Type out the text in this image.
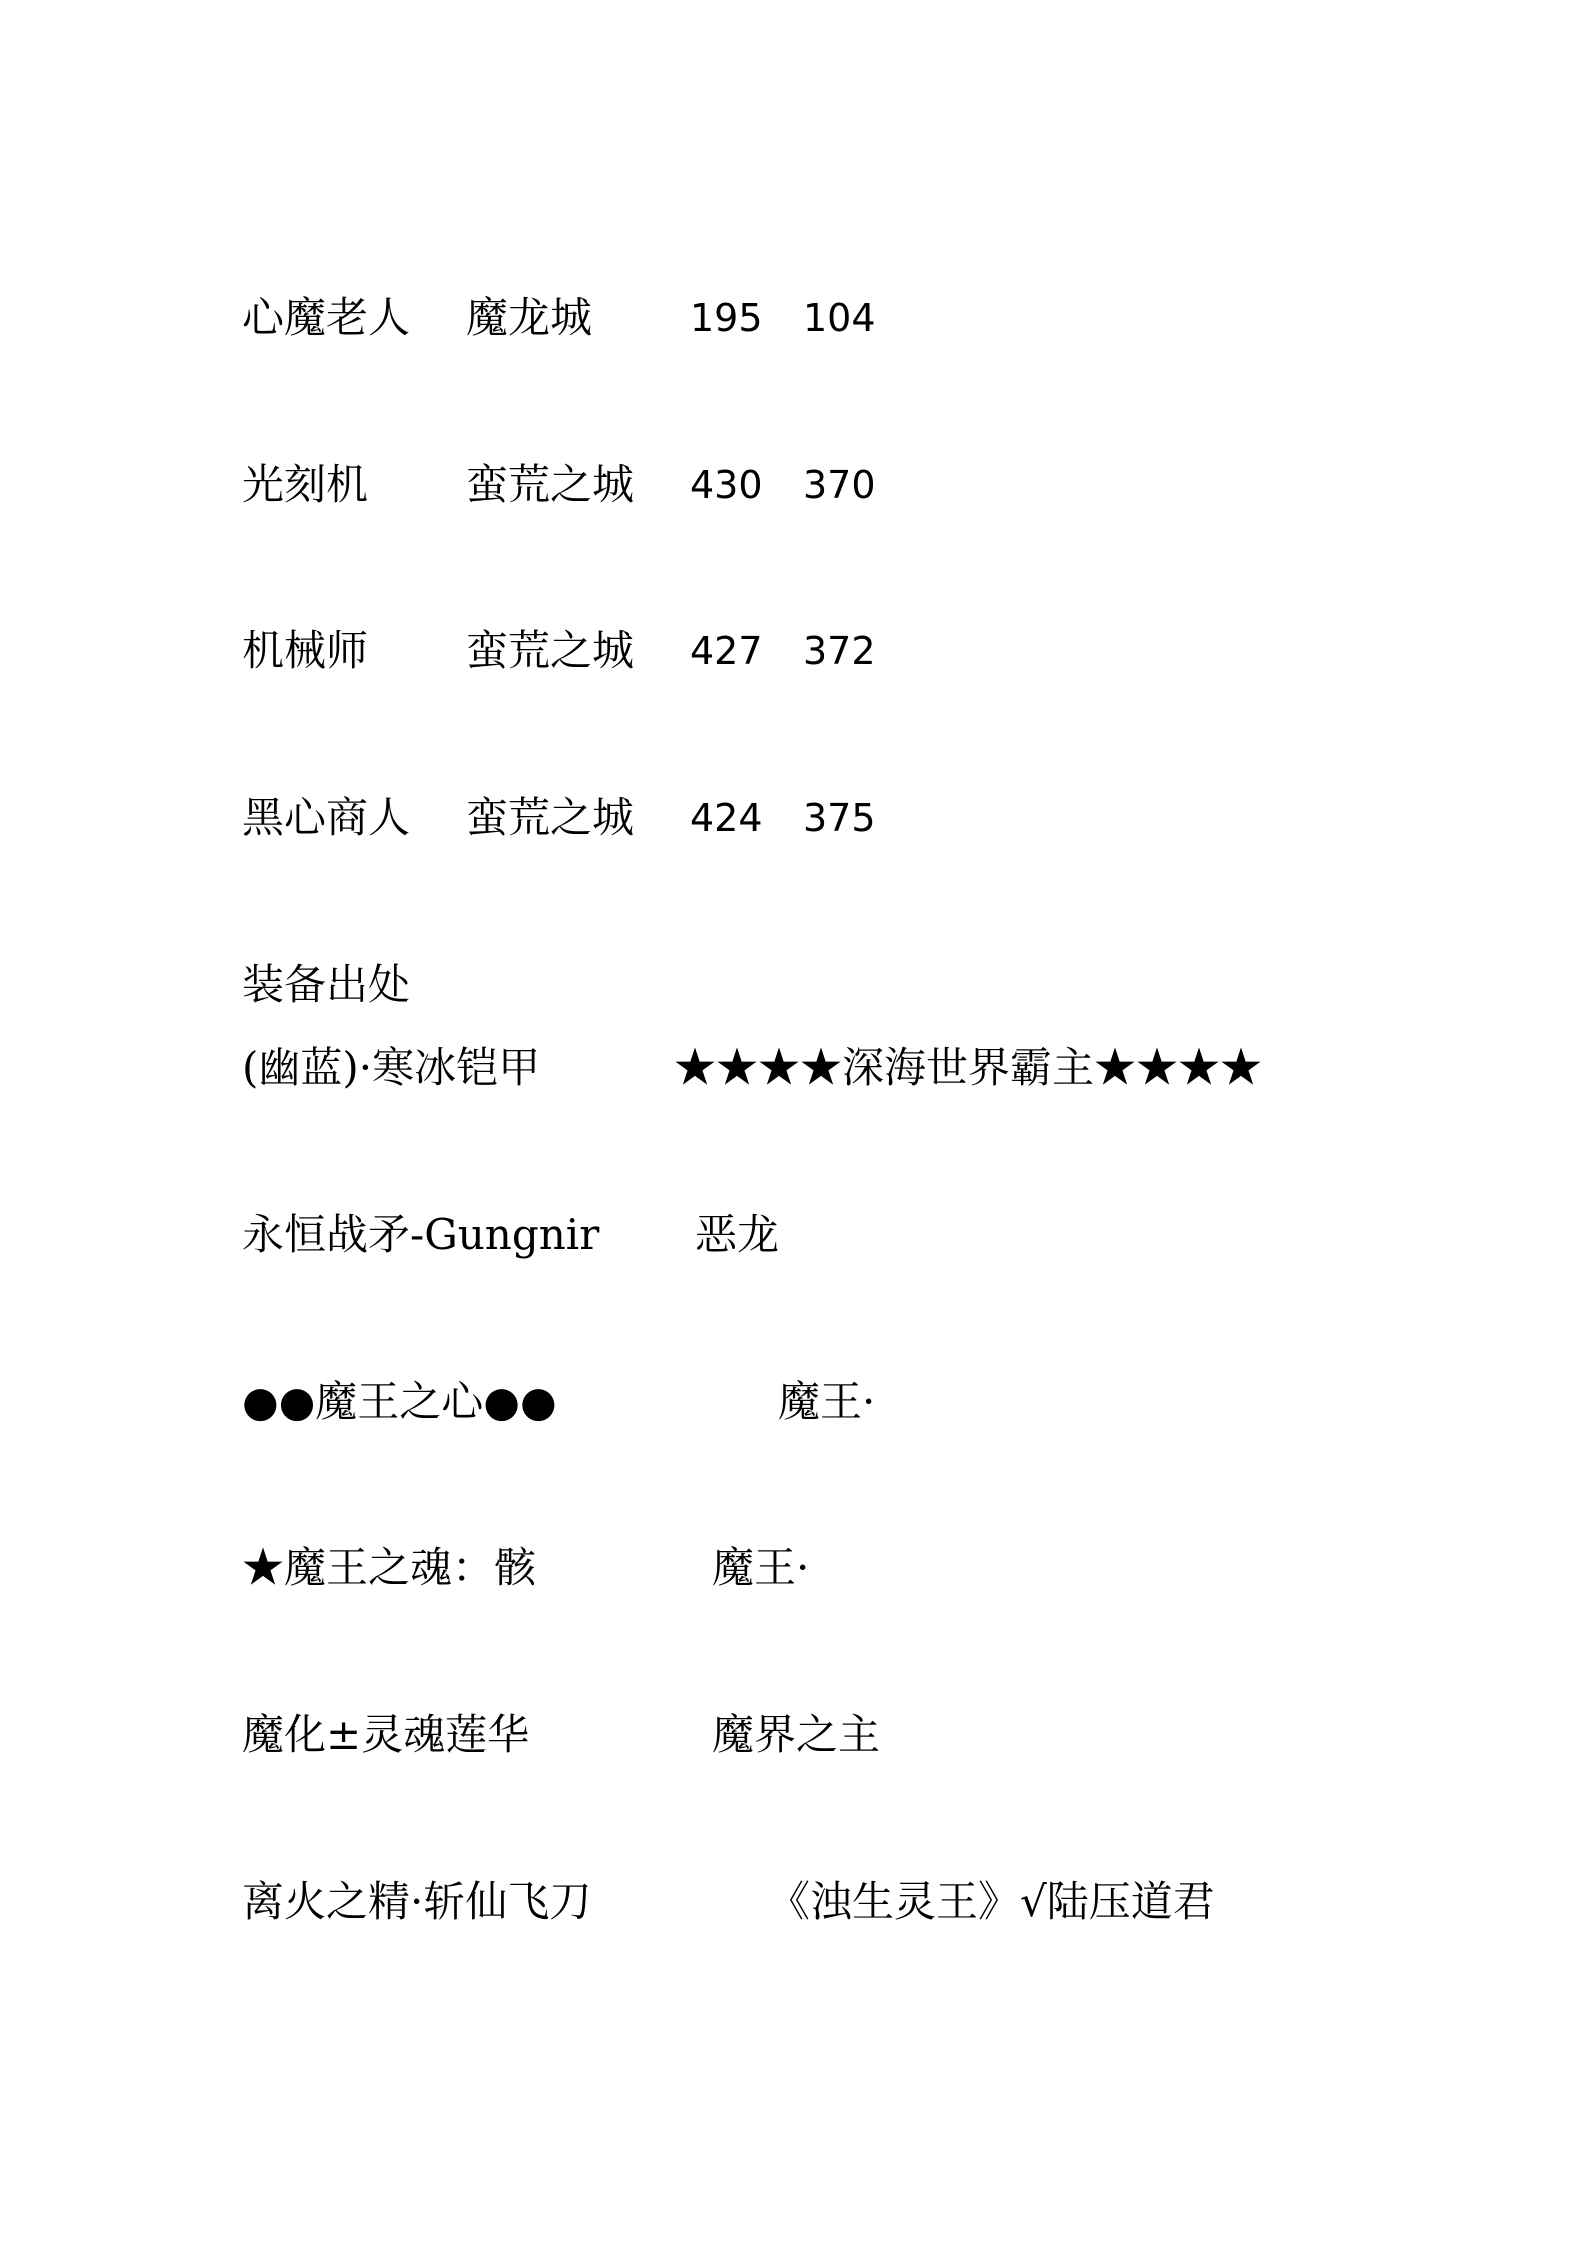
心魔老人 魔龙城	195 104
光刻机 蛮荒之城 430 370
机械师 蛮荒之城 427 372
黑心商人 蛮荒之城 424 375
装备出处
(幽蓝)·寒冰铠甲	★★★★深海世界霸主★★★★
永恒战矛-Gungnir 恶龙
●●魔王之心●●	魔王·
★魔王之魂：骸	魔王·
魔化±灵魂莲华	魔界之主
离火之精·斩仙飞刀	《浊生灵王》√陆压道君
